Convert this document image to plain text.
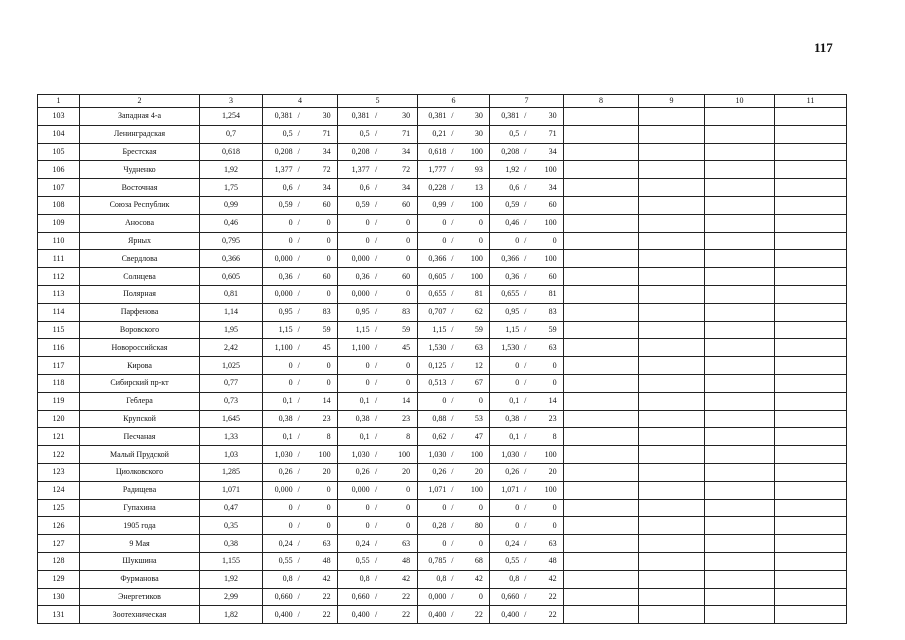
117
1	2	3	4	5	6	7	8	9	10	11
103	Западная 4-а	1,254	0,381 / 30	0,381 / 30	0,381 / 30	0,381 / 30				
104	Ленинградская	0,7	0,5 / 71	0,5 / 71	0,21 / 30	0,5 / 71				
105	Брестская	0,618	0,208 / 34	0,208 / 34	0,618 / 100	0,208 / 34				
106	Чудненко	1,92	1,377 / 72	1,377 / 72	1,777 / 93	1,92 / 100				
107	Восточная	1,75	0,6 / 34	0,6 / 34	0,228 / 13	0,6 / 34				
108	Союза Республик	0,99	0,59 / 60	0,59 / 60	0,99 / 100	0,59 / 60				
109	Аносова	0,46	0 / 0	0 / 0	0 / 0	0,46 / 100				
110	Ярных	0,795	0 / 0	0 / 0	0 / 0	0 / 0				
111	Свердлова	0,366	0,000 / 0	0,000 / 0	0,366 / 100	0,366 / 100				
112	Солнцева	0,605	0,36 / 60	0,36 / 60	0,605 / 100	0,36 / 60				
113	Полярная	0,81	0,000 / 0	0,000 / 0	0,655 / 81	0,655 / 81				
114	Парфенова	1,14	0,95 / 83	0,95 / 83	0,707 / 62	0,95 / 83				
115	Воровского	1,95	1,15 / 59	1,15 / 59	1,15 / 59	1,15 / 59				
116	Новороссийская	2,42	1,100 / 45	1,100 / 45	1,530 / 63	1,530 / 63				
117	Кирова	1,025	0 / 0	0 / 0	0,125 / 12	0 / 0				
118	Сибирский пр-кт	0,77	0 / 0	0 / 0	0,513 / 67	0 / 0				
119	Геблера	0,73	0,1 / 14	0,1 / 14	0 / 0	0,1 / 14				
120	Крупской	1,645	0,38 / 23	0,38 / 23	0,88 / 53	0,38 / 23				
121	Песчаная	1,33	0,1 / 8	0,1 / 8	0,62 / 47	0,1 / 8				
122	Малый Прудской	1,03	1,030 / 100	1,030 / 100	1,030 / 100	1,030 / 100				
123	Циолковского	1,285	0,26 / 20	0,26 / 20	0,26 / 20	0,26 / 20				
124	Радищева	1,071	0,000 / 0	0,000 / 0	1,071 / 100	1,071 / 100				
125	Гупахина	0,47	0 / 0	0 / 0	0 / 0	0 / 0				
126	1905 года	0,35	0 / 0	0 / 0	0,28 / 80	0 / 0				
127	9 Мая	0,38	0,24 / 63	0,24 / 63	0 / 0	0,24 / 63				
128	Шукшина	1,155	0,55 / 48	0,55 / 48	0,785 / 68	0,55 / 48				
129	Фурманова	1,92	0,8 / 42	0,8 / 42	0,8 / 42	0,8 / 42				
130	Энергетиков	2,99	0,660 / 22	0,660 / 22	0,000 / 0	0,660 / 22				
131	Зоотехническая	1,82	0,400 / 22	0,400 / 22	0,400 / 22	0,400 / 22				
